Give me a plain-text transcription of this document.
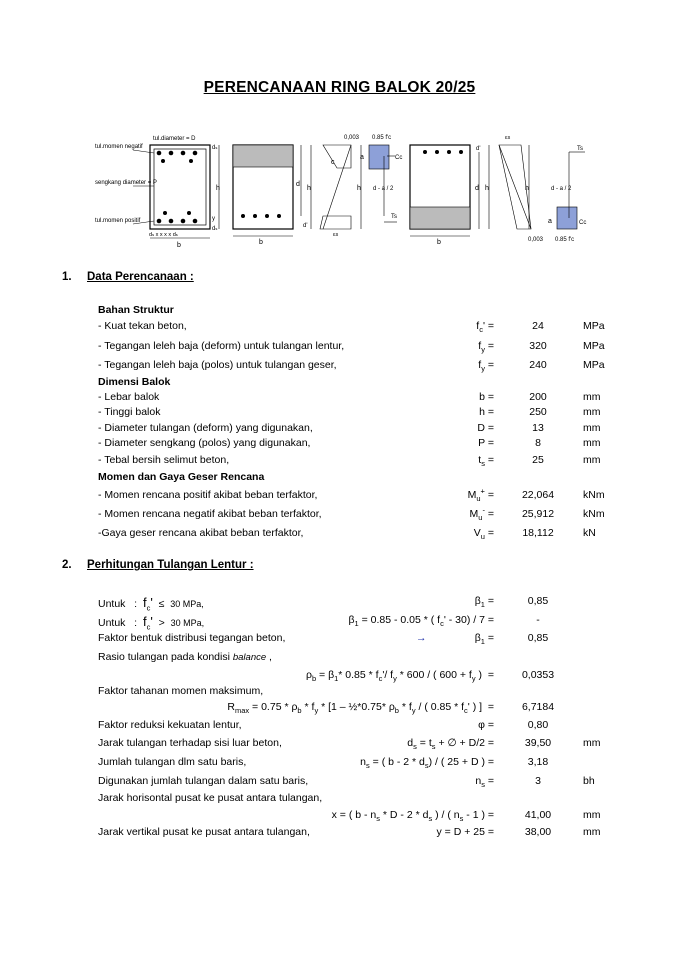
PERENCANAAN RING BALOK 20/25
tul.diameter = D
tul.momen negatif
sengkang diameter = P
tul.momen positif
h
b
ds x x x x ds
ds
y
ds
b
d
h
d'
0,003
c
εs
h
0.85 f'c
a	Cc
d - a / 2
Ts
b
d'
d h
εs
0,003
h
0.85 f'c
a	Cc
Ts
d - a / 2
1. Data Perencanaan :
Bahan Struktur
Dimensi Balok
Momen dan Gaya Geser Rencana
- Kuat tekan beton,	$f_c'$ =	24	MPa
- Tegangan leleh baja (deform) untuk tulangan lentur,	$f_y$ =	320	MPa
- Tegangan leleh baja (polos) untuk tulangan geser,	$f_y$ =	240	MPa
- Lebar balok	b =	200	mm
- Tinggi balok	h =	250	mm
- Diameter tulangan (deform) yang digunakan,	D =	13	mm
- Diameter sengkang (polos) yang digunakan,	P =	8	mm
- Tebal bersih selimut beton,	$t_s$ =	25	mm
- Momen rencana positif akibat beban terfaktor,	$M_u^+$ =	22,064	kNm
- Momen rencana negatif akibat beban terfaktor,	$M_u^-$ =	25,912	kNm
-Gaya geser rencana akibat beban terfaktor,	$V_u$ =	18,112	kN
2. Perhitungan Tulangan Lentur :
Untuk   :  $f_c' \le 30$ MPa,	$\beta_1$ =	0,85
Untuk   :  $f_c' > 30$ MPa,	$\beta_1 = 0.85 - 0.05$ * ( $f_c' - 30) / 7$ =	-
Faktor bentuk distribusi tegangan beton,	→	$\beta_1$ =	0,85
Rasio tulangan pada kondisi balance ,
$\rho_b = \beta_1*$ $0.85 * f_c'/$ $f_y * 600$ / ( $600 + f_y$ )  =	0,0353
Faktor tahanan momen maksimum,
$R_{max} = 0.75 * \rho_b * f_y * [1$ – ½*0.75* $\rho_b * f_y$ / ( $0.85 * f_c'$ ) ]  =	6,7184
Faktor reduksi kekuatan lentur,	φ =	0,80
Jarak tulangan terhadap sisi luar beton,	$d_s = t_s$ + ∅ + D/2 =	39,50	mm
Jumlah tulangan dlm satu baris,	$n_s$ = ( b - $2 * d_s$) / ( 25 + D ) =	3,18
Digunakan jumlah tulangan dalam satu baris,	$n_s$ =	3	bh
Jarak horisontal pusat ke pusat antara tulangan,
x = ( b - $n_s$ * D - $2 * d_s$ ) / ( $n_s - 1$ ) =	41,00	mm
Jarak vertikal pusat ke pusat antara tulangan,	y = D + 25 =	38,00	mm
